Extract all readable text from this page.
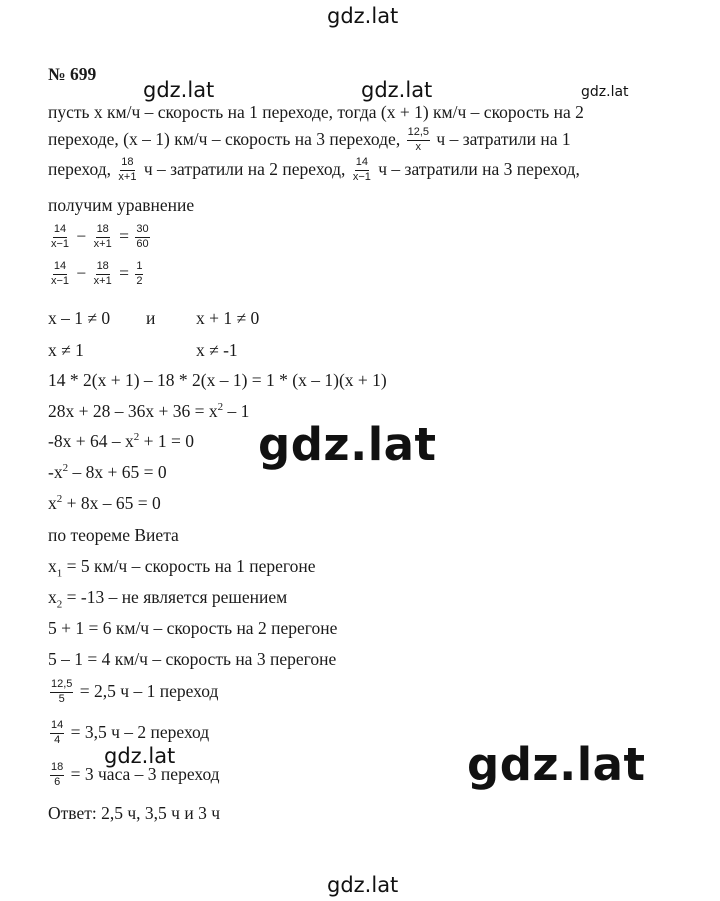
gdz.lat
gdz.lat	gdz.lat	gdz.lat
№ 699
пусть x км/ч – скорость на 1 переходе, тогда (x + 1) км/ч – скорость на 2
переходе, (x – 1) км/ч – скорость на 3 переходе,
$\frac{12,5}{x}$
ч – затратили на 1
переход,
$\frac{18}{x+1}$
ч – затратили на 2 переход,
$\frac{14}{x-1}$
ч – затратили на 3 переход,
получим уравнение
$\frac{14}{x-1}$
−
$\frac{18}{x+1}$
=
$\frac{30}{60}$
$\frac{14}{x-1}$
−
$\frac{18}{x+1}$
=
$\frac{1}{2}$
x – 1 ≠ 0 и x + 1 ≠ 0
x ≠ 1	x ≠ -1
14 * 2(x + 1) – 18 * 2(x – 1) = 1 * (x – 1)(x + 1)
$28x + 28 - 36x + 36 = x^2 - 1$
$-8x + 64 - x^2 + 1 = 0$
$-x^2 - 8x + 65 = 0$
$x^2 + 8x - 65 = 0$
по теореме Виета
$x_1 = 5$ км/ч – скорость на 1 перегоне
$x_2 = -13$ – не является решением
5 + 1 = 6 км/ч – скорость на 2 перегоне
5 – 1 = 4 км/ч – скорость на 3 перегоне
$\frac{12,5}{5}$
= 2,5 ч – 1 переход
$\frac{14}{4}$
= 3,5 ч – 2 переход
$\frac{18}{6}$
= 3 часа – 3 переход
Ответ: 2,5 ч, 3,5 ч и 3 ч
gdz.lat
gdz.lat	gdz.lat
gdz.lat
